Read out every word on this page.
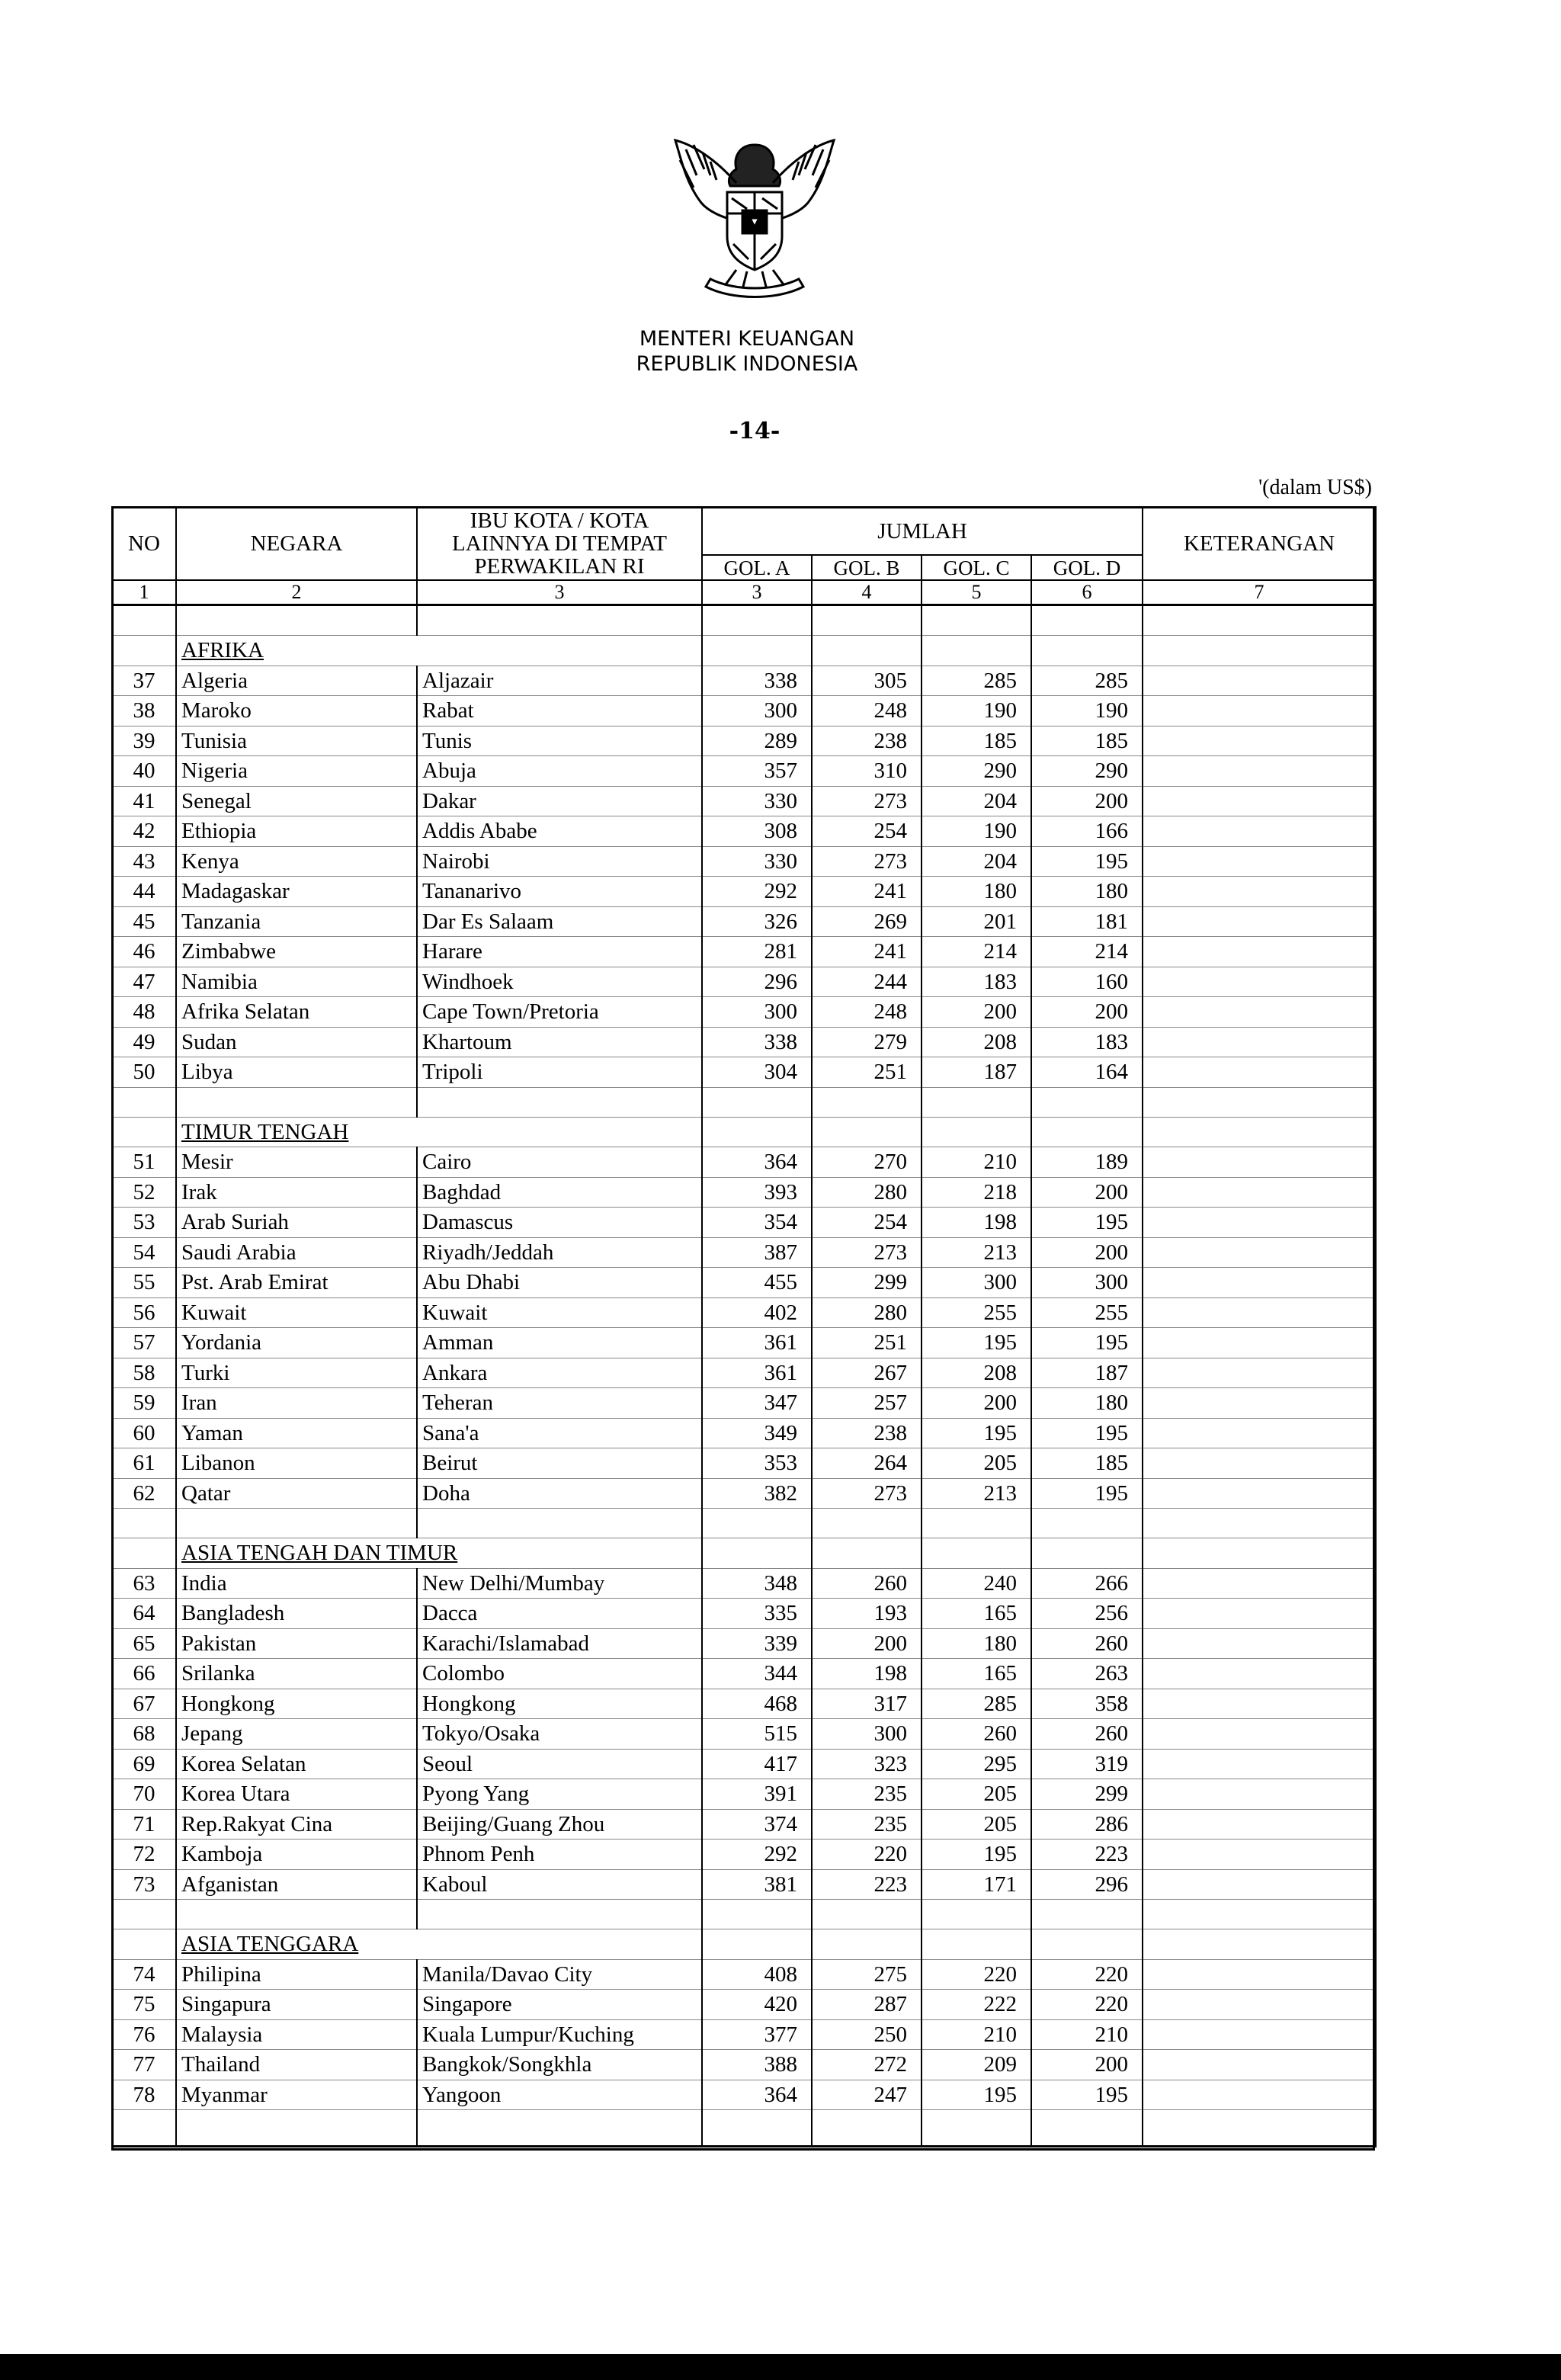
MENTERI KEUANGAN
REPUBLIK INDONESIA
-14-
'(dalam US$)
NO	NEGARA	IBU KOTA / KOTA LAINNYA DI TEMPAT PERWAKILAN RI	JUMLAH				KETERANGAN
			GOL. A	GOL. B	GOL. C	GOL. D	
1	2	3	3	4	5	6	7

	AFRIKA						
37	Algeria	Aljazair	338	305	285	285	
38	Maroko	Rabat	300	248	190	190	
39	Tunisia	Tunis	289	238	185	185	
40	Nigeria	Abuja	357	310	290	290	
41	Senegal	Dakar	330	273	204	200	
42	Ethiopia	Addis Ababe	308	254	190	166	
43	Kenya	Nairobi	330	273	204	195	
44	Madagaskar	Tananarivo	292	241	180	180	
45	Tanzania	Dar Es Salaam	326	269	201	181	
46	Zimbabwe	Harare	281	241	214	214	
47	Namibia	Windhoek	296	244	183	160	
48	Afrika Selatan	Cape Town/Pretoria	300	248	200	200	
49	Sudan	Khartoum	338	279	208	183	
50	Libya	Tripoli	304	251	187	164	

	TIMUR TENGAH						
51	Mesir	Cairo	364	270	210	189	
52	Irak	Baghdad	393	280	218	200	
53	Arab Suriah	Damascus	354	254	198	195	
54	Saudi Arabia	Riyadh/Jeddah	387	273	213	200	
55	Pst. Arab Emirat	Abu Dhabi	455	299	300	300	
56	Kuwait	Kuwait	402	280	255	255	
57	Yordania	Amman	361	251	195	195	
58	Turki	Ankara	361	267	208	187	
59	Iran	Teheran	347	257	200	180	
60	Yaman	Sana'a	349	238	195	195	
61	Libanon	Beirut	353	264	205	185	
62	Qatar	Doha	382	273	213	195	

	ASIA TENGAH DAN TIMUR						
63	India	New Delhi/Mumbay	348	260	240	266	
64	Bangladesh	Dacca	335	193	165	256	
65	Pakistan	Karachi/Islamabad	339	200	180	260	
66	Srilanka	Colombo	344	198	165	263	
67	Hongkong	Hongkong	468	317	285	358	
68	Jepang	Tokyo/Osaka	515	300	260	260	
69	Korea Selatan	Seoul	417	323	295	319	
70	Korea Utara	Pyong Yang	391	235	205	299	
71	Rep.Rakyat Cina	Beijing/Guang Zhou	374	235	205	286	
72	Kamboja	Phnom Penh	292	220	195	223	
73	Afganistan	Kaboul	381	223	171	296	

	ASIA TENGGARA						
74	Philipina	Manila/Davao City	408	275	220	220	
75	Singapura	Singapore	420	287	222	220	
76	Malaysia	Kuala Lumpur/Kuching	377	250	210	210	
77	Thailand	Bangkok/Songkhla	388	272	209	200	
78	Myanmar	Yangoon	364	247	195	195	
